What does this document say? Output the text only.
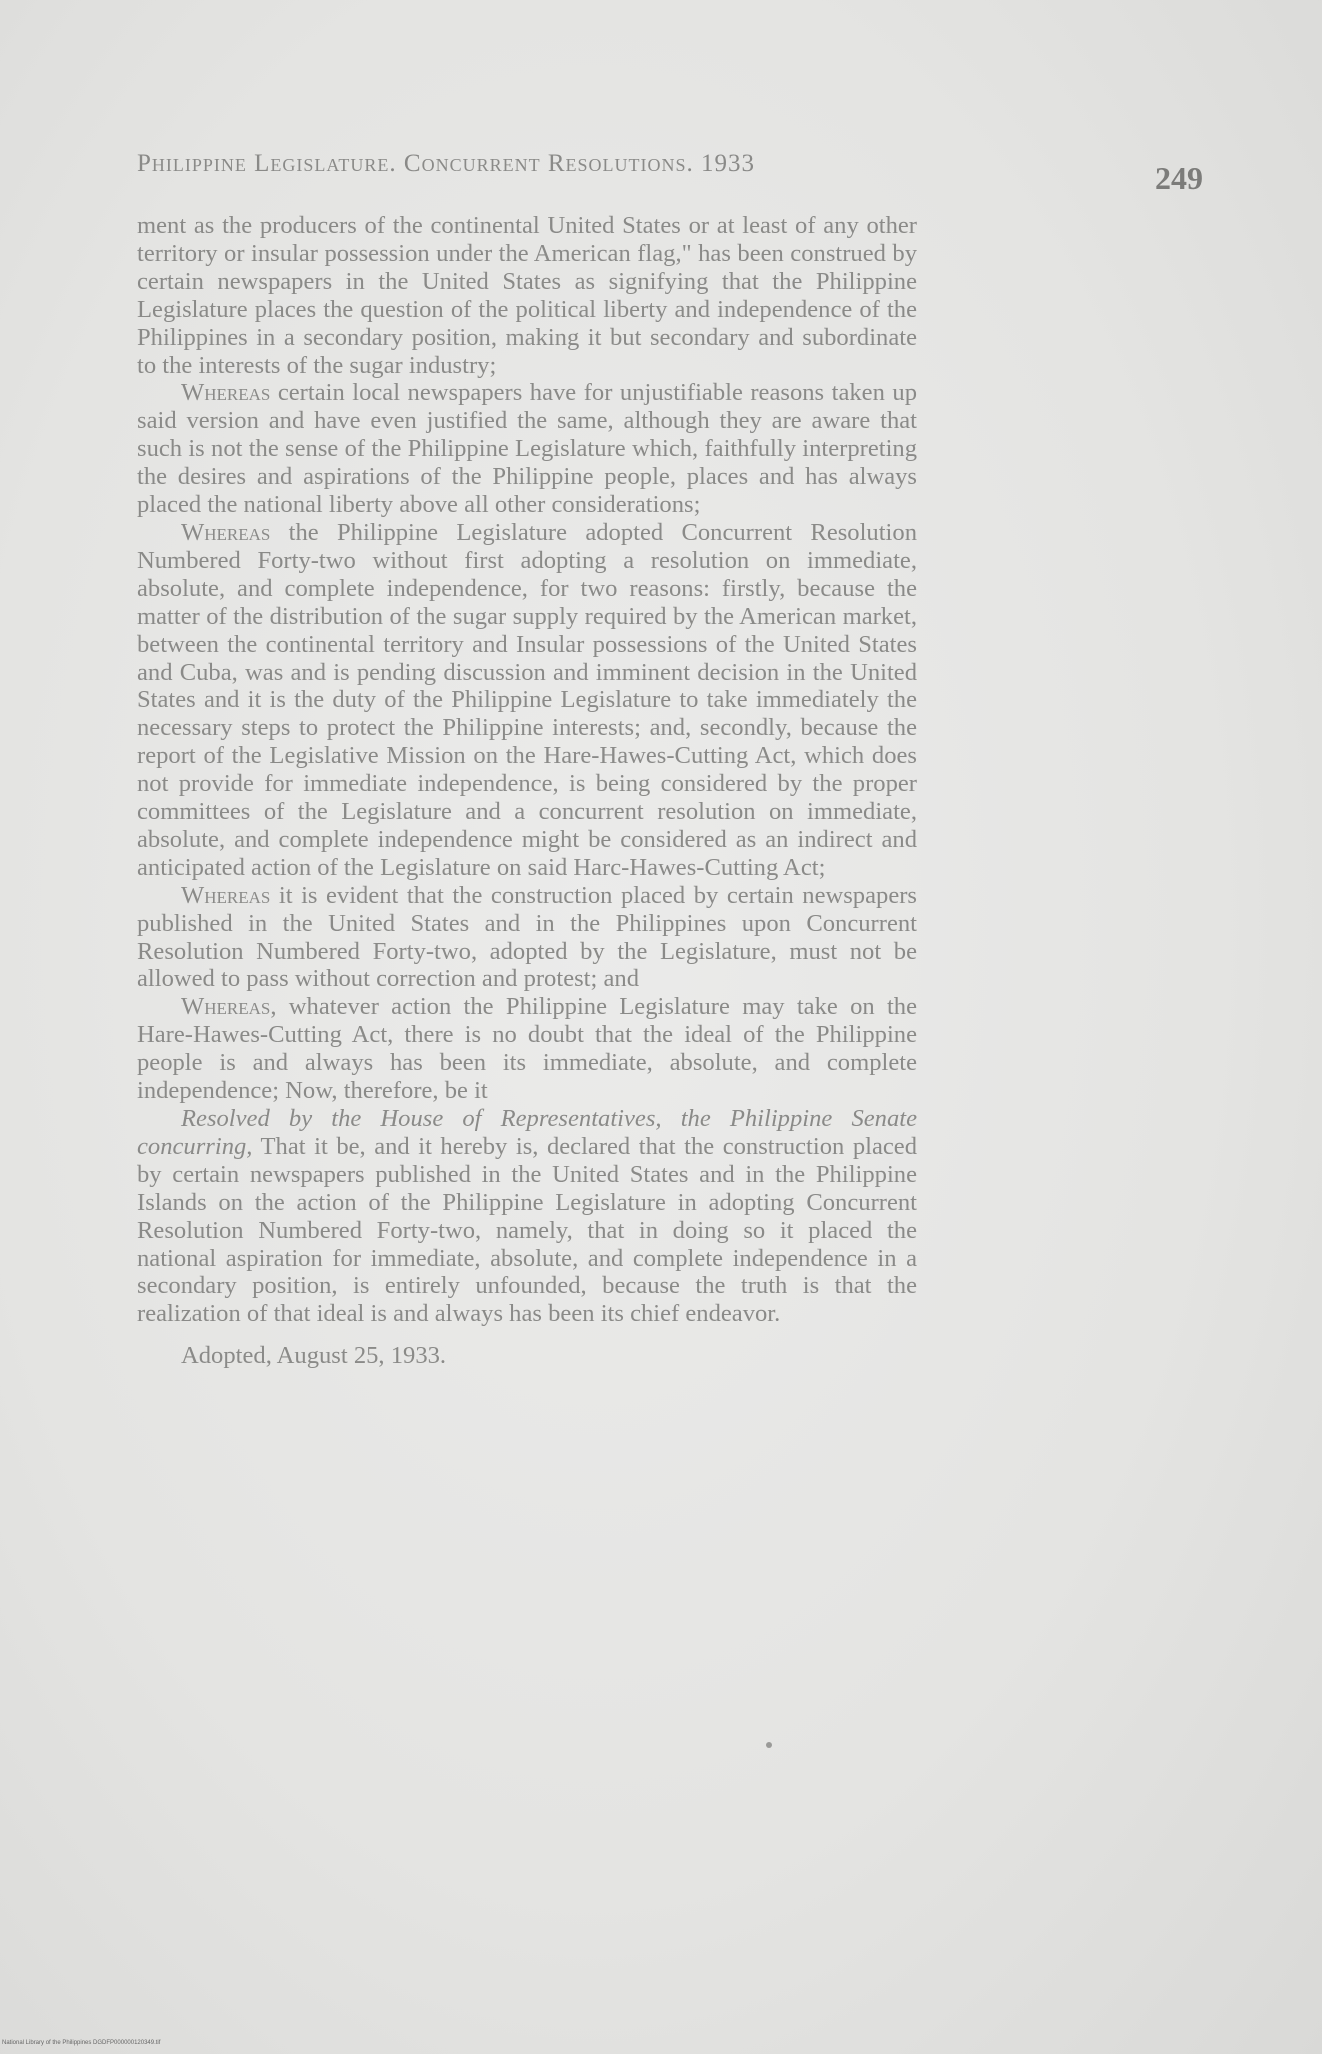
Philippine Legislature. Concurrent Resolutions. 1933	249

ment as the producers of the continental United States or at least of any other territory or insular possession under the American flag," has been construed by certain newspapers in the United States as signifying that the Philippine Legislature places the question of the political liberty and independence of the Philippines in a secondary position, making it but secondary and subordinate to the interests of the sugar industry;

Whereas certain local newspapers have for unjustifiable reasons taken up said version and have even justified the same, although they are aware that such is not the sense of the Philippine Legislature which, faithfully interpreting the desires and aspirations of the Philippine people, places and has always placed the national liberty above all other considerations;

Whereas the Philippine Legislature adopted Concurrent Resolution Numbered Forty-two without first adopting a resolution on immediate, absolute, and complete independence, for two reasons: firstly, because the matter of the distribution of the sugar supply required by the American market, between the continental territory and Insular possessions of the United States and Cuba, was and is pending discussion and imminent decision in the United States and it is the duty of the Philippine Legislature to take immediately the necessary steps to protect the Philippine interests; and, secondly, because the report of the Legislative Mission on the Hare-Hawes-Cutting Act, which does not provide for immediate independence, is being considered by the proper committees of the Legislature and a concurrent resolution on immediate, absolute, and complete independence might be considered as an indirect and anticipated action of the Legislature on said Harc-Hawes-Cutting Act;

Whereas it is evident that the construction placed by certain newspapers published in the United States and in the Philippines upon Concurrent Resolution Numbered Forty-two, adopted by the Legislature, must not be allowed to pass without correction and protest; and

Whereas, whatever action the Philippine Legislature may take on the Hare-Hawes-Cutting Act, there is no doubt that the ideal of the Philippine people is and always has been its immediate, absolute, and complete independence; Now, therefore, be it

Resolved by the House of Representatives, the Philippine Senate concurring, That it be, and it hereby is, declared that the construction placed by certain newspapers published in the United States and in the Philippine Islands on the action of the Philippine Legislature in adopting Concurrent Resolution Numbered Forty-two, namely, that in doing so it placed the national aspiration for immediate, absolute, and complete independence in a secondary position, is entirely unfounded, because the truth is that the realization of that ideal is and always has been its chief endeavor.

Adopted, August 25, 1933.

National Library of the Philippines DGDFP000000120349.tif
